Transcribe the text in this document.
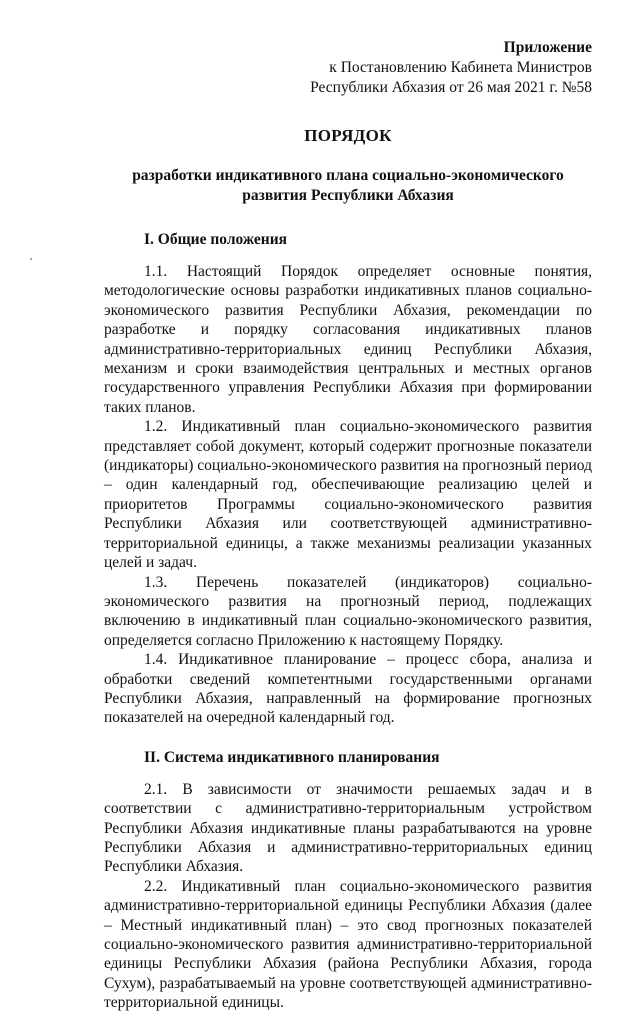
Приложение
к Постановлению Кабинета Министров
Республики Абхазия от 26 мая 2021 г. №58
ПОРЯДОК
разработки индикативного плана социально-экономического
развития Республики Абхазия
I. Общие положения

1.1. Настоящий Порядок определяет основные понятия, методологические основы разработки индикативных планов социально-экономического развития Республики Абхазия, рекомендации по разработке и порядку согласования индикативных планов административно-территориальных единиц Республики Абхазия, механизм и сроки взаимодействия центральных и местных органов государственного управления Республики Абхазия при формировании таких планов.

1.2. Индикативный план социально-экономического развития представляет собой документ, который содержит прогнозные показатели (индикаторы) социально-экономического развития на прогнозный период – один календарный год, обеспечивающие реализацию целей и приоритетов Программы социально-экономического развития Республики Абхазия или соответствующей административно-территориальной единицы, а также механизмы реализации указанных целей и задач.

1.3. Перечень показателей (индикаторов) социально-экономического развития на прогнозный период, подлежащих включению в индикативный план социально-экономического развития, определяется согласно Приложению к настоящему Порядку.

1.4. Индикативное планирование – процесс сбора, анализа и обработки сведений компетентными государственными органами Республики Абхазия, направленный на формирование прогнозных показателей на очередной календарный год.

II. Система индикативного планирования

2.1. В зависимости от значимости решаемых задач и в соответствии с административно-территориальным устройством Республики Абхазия индикативные планы разрабатываются на уровне Республики Абхазия и административно-территориальных единиц Республики Абхазия.

2.2. Индикативный план социально-экономического развития административно-территориальной единицы Республики Абхазия (далее – Местный индикативный план) – это свод прогнозных показателей социально-экономического развития административно-территориальной единицы Республики Абхазия (района Республики Абхазия, города Сухум), разрабатываемый на уровне соответствующей административно-территориальной единицы.
